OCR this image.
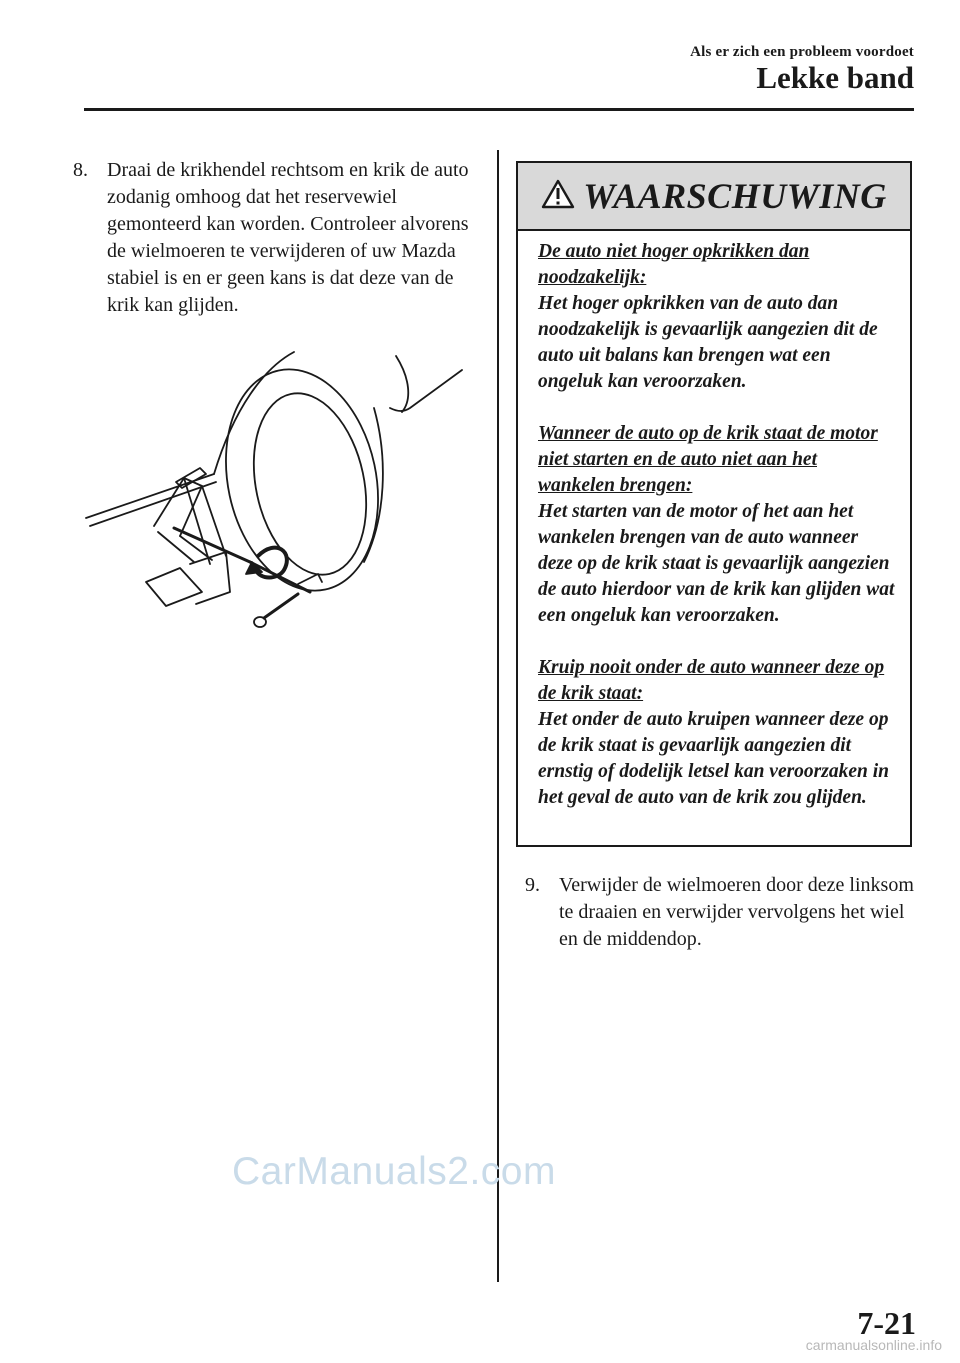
Als er zich een probleem voordoet
Lekke band
8. Draai de krikhendel rechtsom en krik de auto zodanig omhoog dat het reservewiel gemonteerd kan worden. Controleer alvorens de wielmoeren te verwijderen of uw Mazda stabiel is en er geen kans is dat deze van de krik kan glijden.
WAARSCHUWING

De auto niet hoger opkrikken dan noodzakelijk:
Het hoger opkrikken van de auto dan noodzakelijk is gevaarlijk aangezien dit de auto uit balans kan brengen wat een ongeluk kan veroorzaken.

Wanneer de auto op de krik staat de motor niet starten en de auto niet aan het wankelen brengen:
Het starten van de motor of het aan het wankelen brengen van de auto wanneer deze op de krik staat is gevaarlijk aangezien de auto hierdoor van de krik kan glijden wat een ongeluk kan veroorzaken.

Kruip nooit onder de auto wanneer deze op de krik staat:
Het onder de auto kruipen wanneer deze op de krik staat is gevaarlijk aangezien dit ernstig of dodelijk letsel kan veroorzaken in het geval de auto van de krik zou glijden.

9. Verwijder de wielmoeren door deze linksom te draaien en verwijder vervolgens het wiel en de middendop.
CarManuals2.com
7-21
carmanualsonline.info
